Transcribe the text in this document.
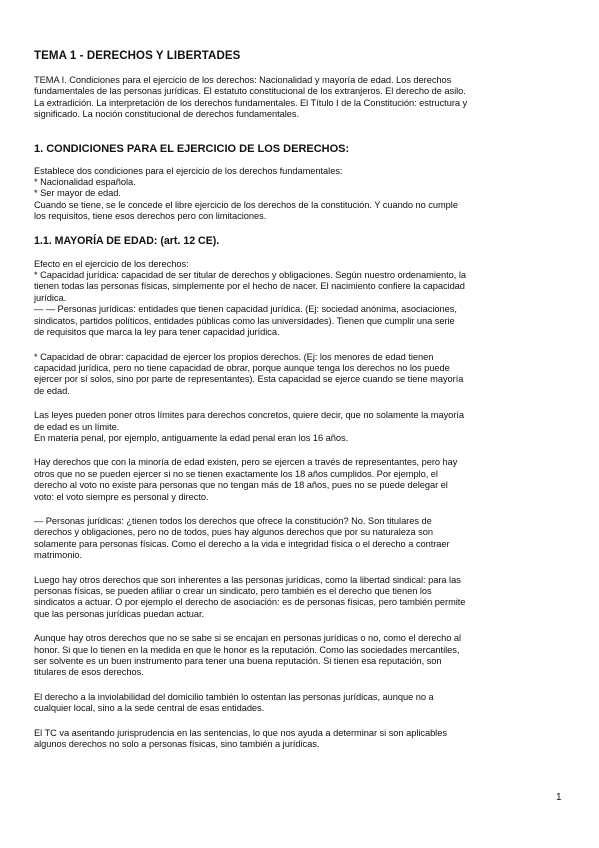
TEMA 1 - DERECHOS Y LIBERTADES

TEMA I. Condiciones para el ejercicio de los derechos: Nacionalidad y mayoría de edad. Los derechos
fundamentales de las personas jurídicas. El estatuto constitucional de los extranjeros. El derecho de asilo.
La extradición. La interpretación de los derechos fundamentales. El Título I de la Constitución: estructura y
significado. La noción constitucional de derechos fundamentales.

1. CONDICIONES PARA EL EJERCICIO DE LOS DERECHOS:

Establece dos condiciones para el ejercicio de los derechos fundamentales:
* Nacionalidad española.
* Ser mayor de edad.
Cuando se tiene, se le concede el libre ejercicio de los derechos de la constitución. Y cuando no cumple
los requisitos, tiene esos derechos pero con limitaciones.

1.1. MAYORÍA DE EDAD: (art. 12 CE).

Efecto en el ejercicio de los derechos:
* Capacidad jurídica: capacidad de ser titular de derechos y obligaciones. Según nuestro ordenamiento, la
tienen todas las personas físicas, simplemente por el hecho de nacer. El nacimiento confiere la capacidad
jurídica.
— — Personas jurídicas: entidades que tienen capacidad jurídica. (Ej: sociedad anónima, asociaciones,
sindicatos, partidos políticos, entidades públicas como las universidades). Tienen que cumplir una serie
de requisitos que marca la ley para tener capacidad jurídica.

* Capacidad de obrar: capacidad de ejercer los propios derechos. (Ej: los menores de edad tienen
capacidad jurídica, pero no tiene capacidad de obrar, porque aunque tenga los derechos no los puede
ejercer por sí solos, sino por parte de representantes). Esta capacidad se ejerce cuando se tiene mayoría
de edad.

Las leyes pueden poner otros límites para derechos concretos, quiere decir, que no solamente la mayoría
de edad es un límite.
En materia penal, por ejemplo, antiguamente la edad penal eran los 16 años.

Hay derechos que con la minoría de edad existen, pero se ejercen a través de representantes, pero hay
otros que no se pueden ejercer si no se tienen exactamente los 18 años cumplidos. Por ejemplo, el
derecho al voto no existe para personas que no tengan más de 18 años, pues no se puede delegar el
voto: el voto siempre es personal y directo.

— Personas jurídicas: ¿tienen todos los derechos que ofrece la constitución? No. Son titulares de
derechos y obligaciones, pero no de todos, pues hay algunos derechos que por su naturaleza son
solamente para personas físicas. Como el derecho a la vida e integridad física o el derecho a contraer
matrimonio.

Luego hay otros derechos que son inherentes a las personas jurídicas, como la libertad sindical: para las
personas físicas, se pueden afiliar o crear un sindicato, pero también es el derecho que tienen los
sindicatos a actuar. O por ejemplo el derecho de asociación: es de personas físicas, pero también permite
que las personas jurídicas puedan actuar.

Aunque hay otros derechos que no se sabe si se encajan en personas jurídicas o no, como el derecho al
honor. Si que lo tienen en la medida en que le honor es la reputación. Como las sociedades mercantiles,
ser solvente es un buen instrumento para tener una buena reputación. Si tienen esa reputación, son
titulares de esos derechos.

El derecho a la inviolabilidad del domicilio también lo ostentan las personas jurídicas, aunque no a
cualquier local, sino a la sede central de esas entidades.

El TC va asentando jurisprudencia en las sentencias, lo que nos ayuda a determinar si son aplicables
algunos derechos no solo a personas físicas, sino también a jurídicas.

1
